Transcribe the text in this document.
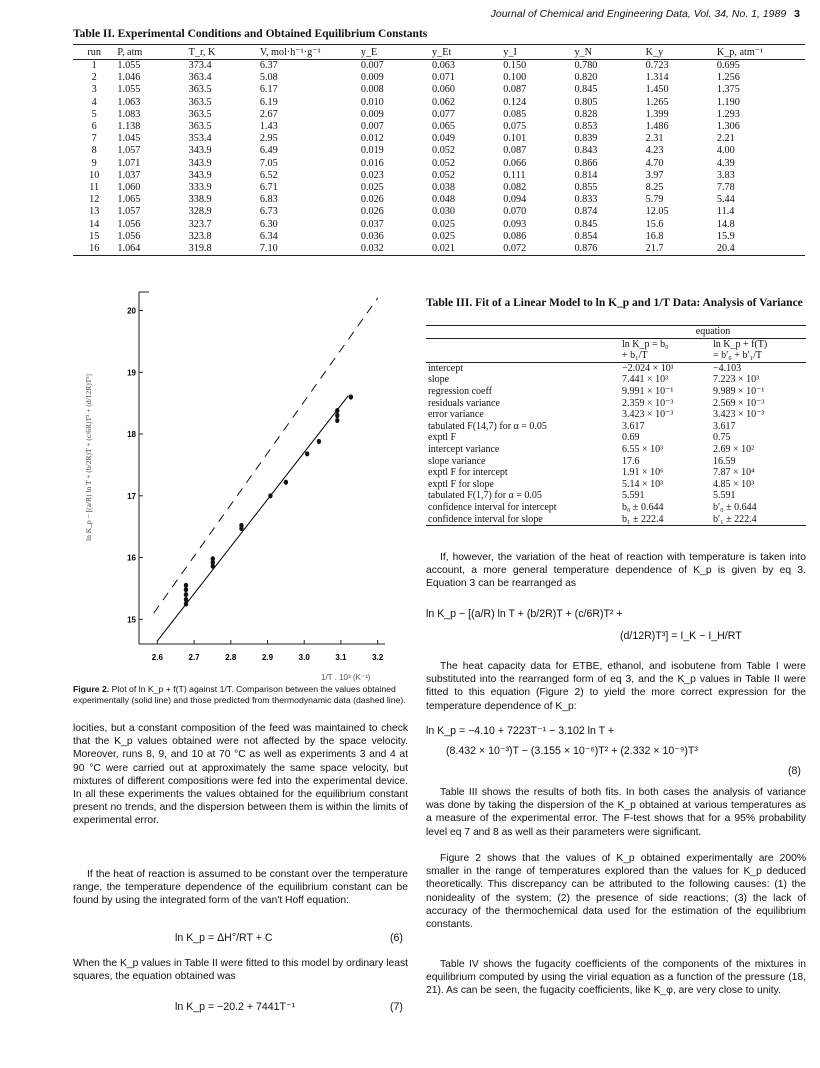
Journal of Chemical and Engineering Data, Vol. 34, No. 1, 1989 3
Table II. Experimental Conditions and Obtained Equilibrium Constants
run	P, atm	T_r, K	V, mol·h⁻¹·g⁻¹	y_E	y_Et	y_I	y_N	K_y	K_p, atm⁻¹
1	1.055	373.4	6.37	0.007	0.063	0.150	0.780	0.723	0.695
2	1.046	363.4	5.08	0.009	0.071	0.100	0.820	1.314	1.256
3	1.055	363.5	6.17	0.008	0.060	0.087	0.845	1.450	1.375
4	1.063	363.5	6.19	0.010	0.062	0.124	0.805	1.265	1.190
5	1.083	363.5	2.67	0.009	0.077	0.085	0.828	1.399	1.293
6	1.138	363.5	1.43	0.007	0.065	0.075	0.853	1.486	1.306
7	1.045	353.4	2.95	0.012	0.049	0.101	0.839	2.31	2.21
8	1.057	343.9	6.49	0.019	0.052	0.087	0.843	4.23	4.00
9	1.071	343.9	7.05	0.016	0.052	0.066	0.866	4.70	4.39
10	1.037	343.9	6.52	0.023	0.052	0.111	0.814	3.97	3.83
11	1.060	333.9	6.71	0.025	0.038	0.082	0.855	8.25	7.78
12	1.065	338.9	6.83	0.026	0.048	0.094	0.833	5.79	5.44
13	1.057	328.9	6.73	0.026	0.030	0.070	0.874	12.05	11.4
14	1.056	323.7	6.30	0.037	0.025	0.093	0.845	15.6	14.8
15	1.056	323.8	6.34	0.036	0.025	0.086	0.854	16.8	15.9
16	1.064	319.8	7.10	0.032	0.021	0.072	0.876	21.7	20.4
2.6	2.7	2.8	2.9	3.0	3.1	3.2
15
16
17
18
19
20
1/T . 10³ (K⁻¹)
ln K_p − [(a/R) ln T + (b/2R)T + (c/6R)T² + (d/12R)T³]
Figure 2. Plot of ln K_p + f(T) against 1/T. Comparison between the values obtained experimentally (solid line) and those predicted from thermodynamic data (dashed line).
locities, but a constant composition of the feed was maintained to check that the K_p values obtained were not affected by the space velocity. Moreover, runs 8, 9, and 10 at 70 °C as well as experiments 3 and 4 at 90 °C were carried out at approximately the same space velocity, but mixtures of different compositions were fed into the experimental device. In all these experiments the values obtained for the equilibrium constant present no trends, and the dispersion between them is within the limits of experimental error.
If the heat of reaction is assumed to be constant over the temperature range, the temperature dependence of the equilibrium constant can be found by using the integrated form of the van't Hoff equation:
ln K_p = ΔH°/RT + C	(6)
When the K_p values in Table II were fitted to this model by ordinary least squares, the equation obtained was
ln K_p = −20.2 + 7441T⁻¹	(7)
Table III. Fit of a Linear Model to ln K_p and 1/T Data: Analysis of Variance
	equation	
	ln K_p = b₀	ln K_p + f(T)
	+ b₁/T	= b′₀ + b′₁/T
intercept	−2.024 × 10¹	−4.103
slope	7.441 × 10³	7.223 × 10³
regression coeff	9.991 × 10⁻¹	9.989 × 10⁻¹
residuals variance	2.359 × 10⁻³	2.569 × 10⁻³
error variance	3.423 × 10⁻³	3.423 × 10⁻³
tabulated F(14,7) for α = 0.05	3.617	3.617
exptl F	0.69	0.75
intercept variance	6.55 × 10³	2.69 × 10²
slope variance	17.6	16.59
exptl F for intercept	1.91 × 10⁶	7.87 × 10⁴
exptl F for slope	5.14 × 10³	4.85 × 10³
tabulated F(1,7) for α = 0.05	5.591	5.591
confidence interval for intercept	b₀ ± 0.644	b′₀ ± 0.644
confidence interval for slope	b₁ ± 222.4	b′₁ ± 222.4
If, however, the variation of the heat of reaction with temperature is taken into account, a more general temperature dependence of K_p is given by eq 3. Equation 3 can be rearranged as
ln K_p − [(a/R) ln T + (b/2R)T + (c/6R)T² +
(d/12R)T³] = I_K − I_H/RT
The heat capacity data for ETBE, ethanol, and isobutene from Table I were substituted into the rearranged form of eq 3, and the K_p values in Table II were fitted to this equation (Figure 2) to yield the more correct expression for the temperature dependence of K_p:
ln K_p = −4.10 + 7223T⁻¹ − 3.102 ln T +
(8.432 × 10⁻³)T − (3.155 × 10⁻⁶)T² + (2.332 × 10⁻⁹)T³
(8)
Table III shows the results of both fits. In both cases the analysis of variance was done by taking the dispersion of the K_p obtained at various temperatures as a measure of the experimental error. The F-test shows that for a 95% probability level eq 7 and 8 as well as their parameters were significant.
Figure 2 shows that the values of K_p obtained experimentally are 200% smaller in the range of temperatures explored than the values for K_p deduced theoretically. This discrepancy can be attributed to the following causes: (1) the nonideality of the system; (2) the presence of side reactions; (3) the lack of accuracy of the thermochemical data used for the estimation of the equilibrium constants.
Table IV shows the fugacity coefficients of the components of the mixtures in equilibrium computed by using the virial equation as a function of the pressure (18, 21). As can be seen, the fugacity coefficients, like K_φ, are very close to unity.
